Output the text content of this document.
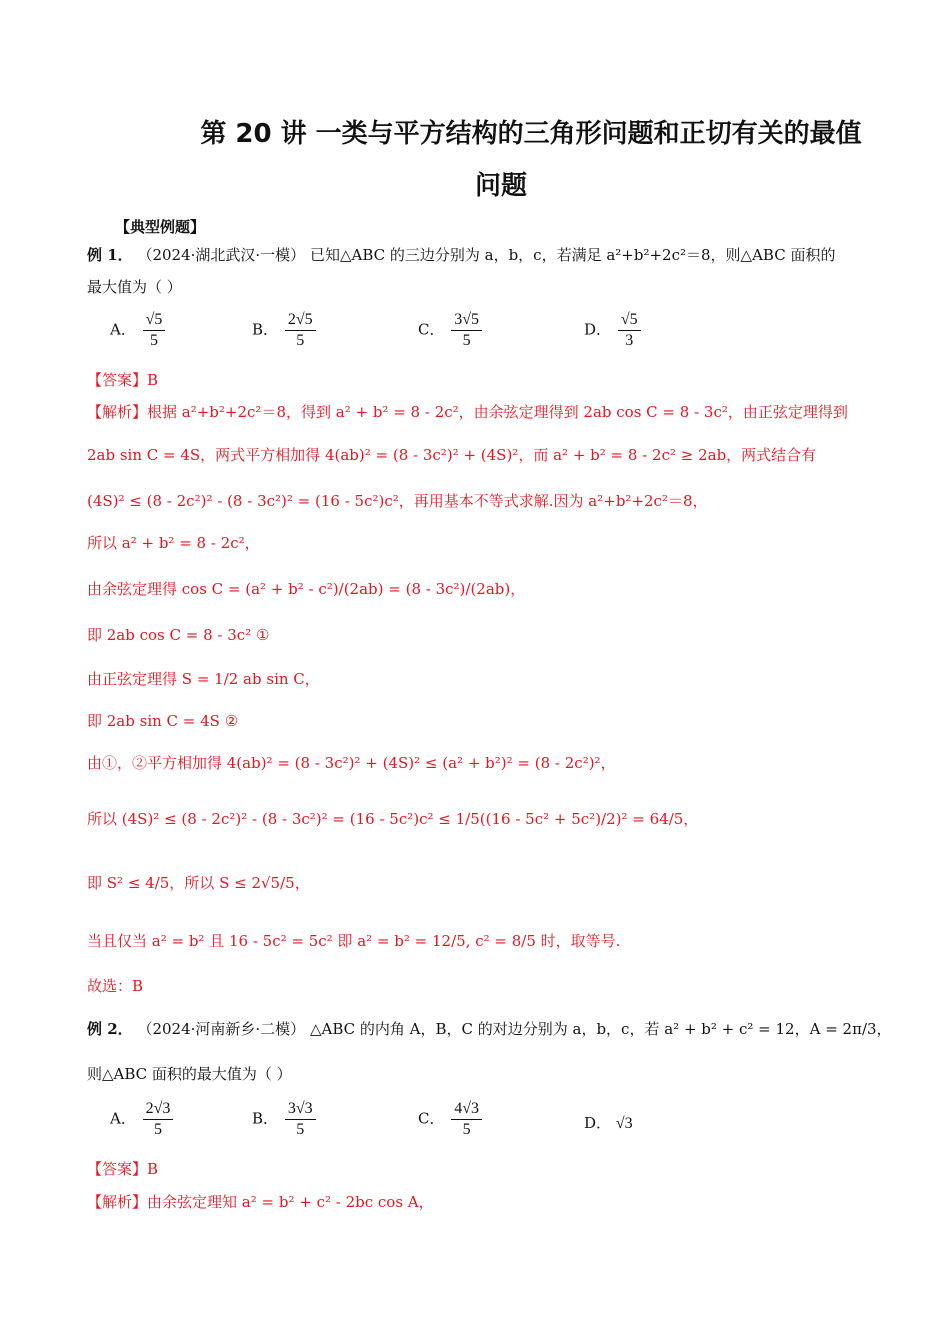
第 20 讲 一类与平方结构的三角形问题和正切有关的最值
问题
【典型例题】
例 1． （2024·湖北武汉·一模） 已知△ABC 的三边分别为 a，b，c，若满足 a²+b²+2c²＝8，则△ABC 面积的
最大值为（ ）
A． $\frac{√5}{5}$	B． $\frac{2√5}{5}$	C． $\frac{3√5}{5}$	D． $\frac{√5}{3}$
【答案】B
【解析】根据 a²+b²+2c²＝8，得到 a² + b² = 8 - 2c²，由余弦定理得到 2ab cos C = 8 - 3c²，由正弦定理得到
2ab sin C = 4S，两式平方相加得 4(ab)² = (8 - 3c²)² + (4S)²，而 a² + b² = 8 - 2c² ≥ 2ab，两式结合有
(4S)² ≤ (8 - 2c²)² - (8 - 3c²)² = (16 - 5c²)c²，再用基本不等式求解.因为 a²+b²+2c²＝8，
所以 a² + b² = 8 - 2c²，
由余弦定理得 cos C = (a² + b² - c²)/(2ab) = (8 - 3c²)/(2ab)，
即 2ab cos C = 8 - 3c² ①
由正弦定理得 S = 1/2 ab sin C，
即 2ab sin C = 4S ②
由①，②平方相加得 4(ab)² = (8 - 3c²)² + (4S)² ≤ (a² + b²)² = (8 - 2c²)²，
所以 (4S)² ≤ (8 - 2c²)² - (8 - 3c²)² = (16 - 5c²)c² ≤ 1/5((16 - 5c² + 5c²)/2)² = 64/5，
即 S² ≤ 4/5，所以 S ≤ 2√5/5，
当且仅当 a² = b² 且 16 - 5c² = 5c² 即 a² = b² = 12/5, c² = 8/5 时，取等号.
故选：B
例 2． （2024·河南新乡·二模） △ABC 的内角 A，B，C 的对边分别为 a，b，c，若 a² + b² + c² = 12，A = 2π/3，
则△ABC 面积的最大值为（ ）
A． $\frac{2√3}{5}$	B． $\frac{3√3}{5}$	C． $\frac{4√3}{5}$	D． √3
【答案】B
【解析】由余弦定理知 a² = b² + c² - 2bc cos A，
